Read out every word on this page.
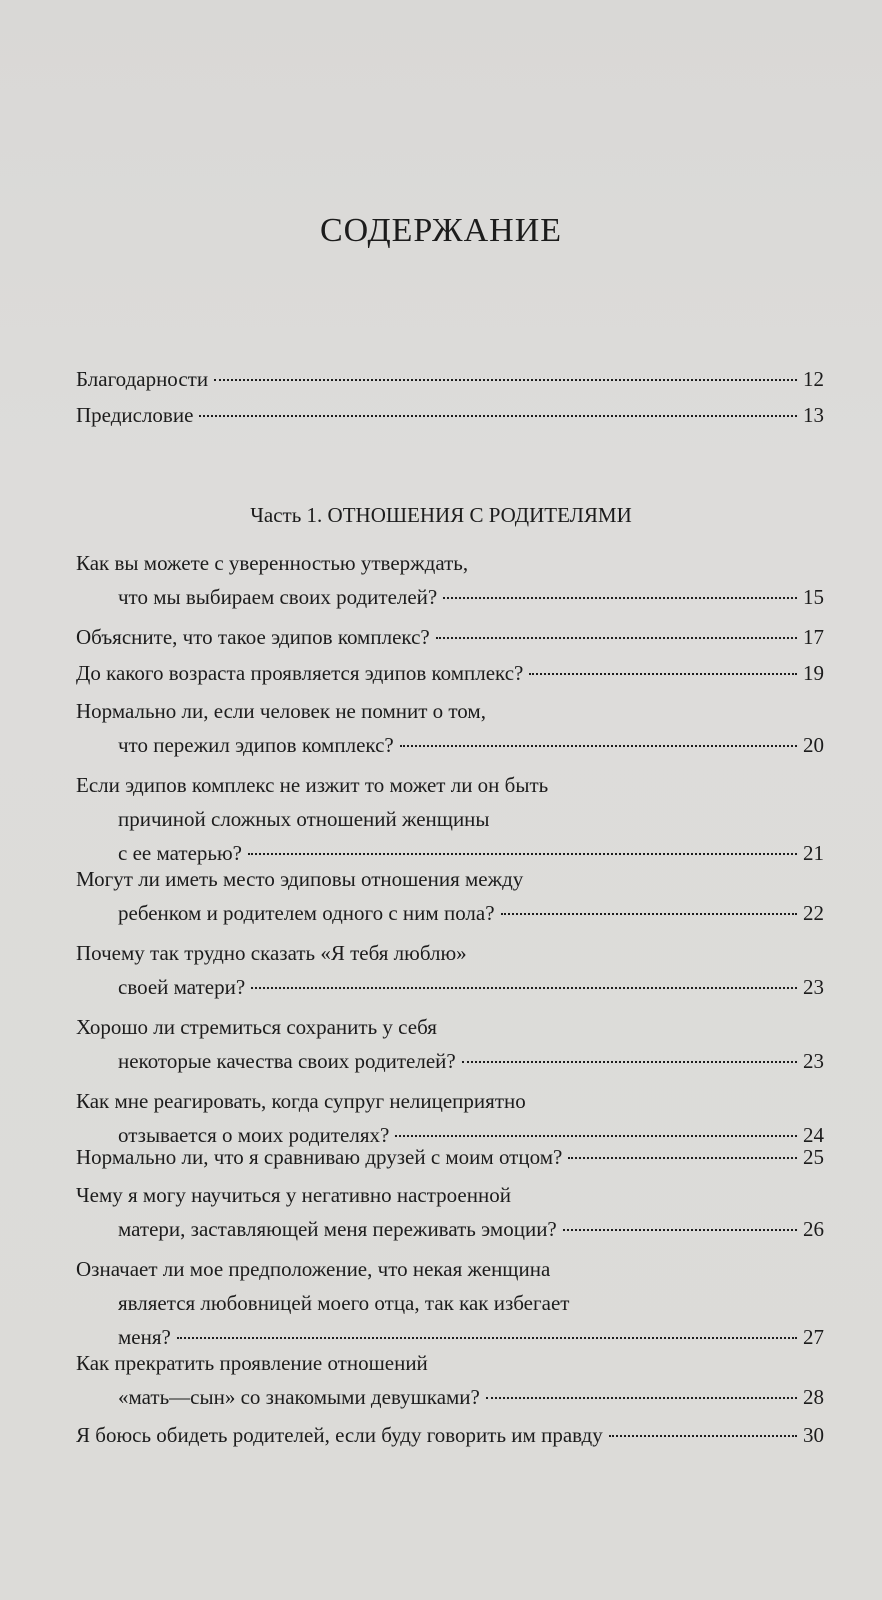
СОДЕРЖАНИЕ
Благодарности	12
Предисловие	13
Часть 1. ОТНОШЕНИЯ С РОДИТЕЛЯМИ
Как вы можете с уверенностью утверждать,
что мы выбираем своих родителей?	15
Объясните, что такое эдипов комплекс?	17
До какого возраста проявляется эдипов комплекс?	19
Нормально ли, если человек не помнит о том,
что пережил эдипов комплекс?	20
Если эдипов комплекс не изжит то может ли он быть
причиной сложных отношений женщины
с ее матерью?	21
Могут ли иметь место эдиповы отношения между
ребенком и родителем одного с ним пола?	22
Почему так трудно сказать «Я тебя люблю»
своей матери?	23
Хорошо ли стремиться сохранить у себя
некоторые качества своих родителей?	23
Как мне реагировать, когда супруг нелицеприятно
отзывается о моих родителях?	24
Нормально ли, что я сравниваю друзей с моим отцом?	25
Чему я могу научиться у негативно настроенной
матери, заставляющей меня переживать эмоции?	26
Означает ли мое предположение, что некая женщина
является любовницей моего отца, так как избегает
меня?	27
Как прекратить проявление отношений
«мать—сын» со знакомыми девушками?	28
Я боюсь обидеть родителей, если буду говорить им правду	30
